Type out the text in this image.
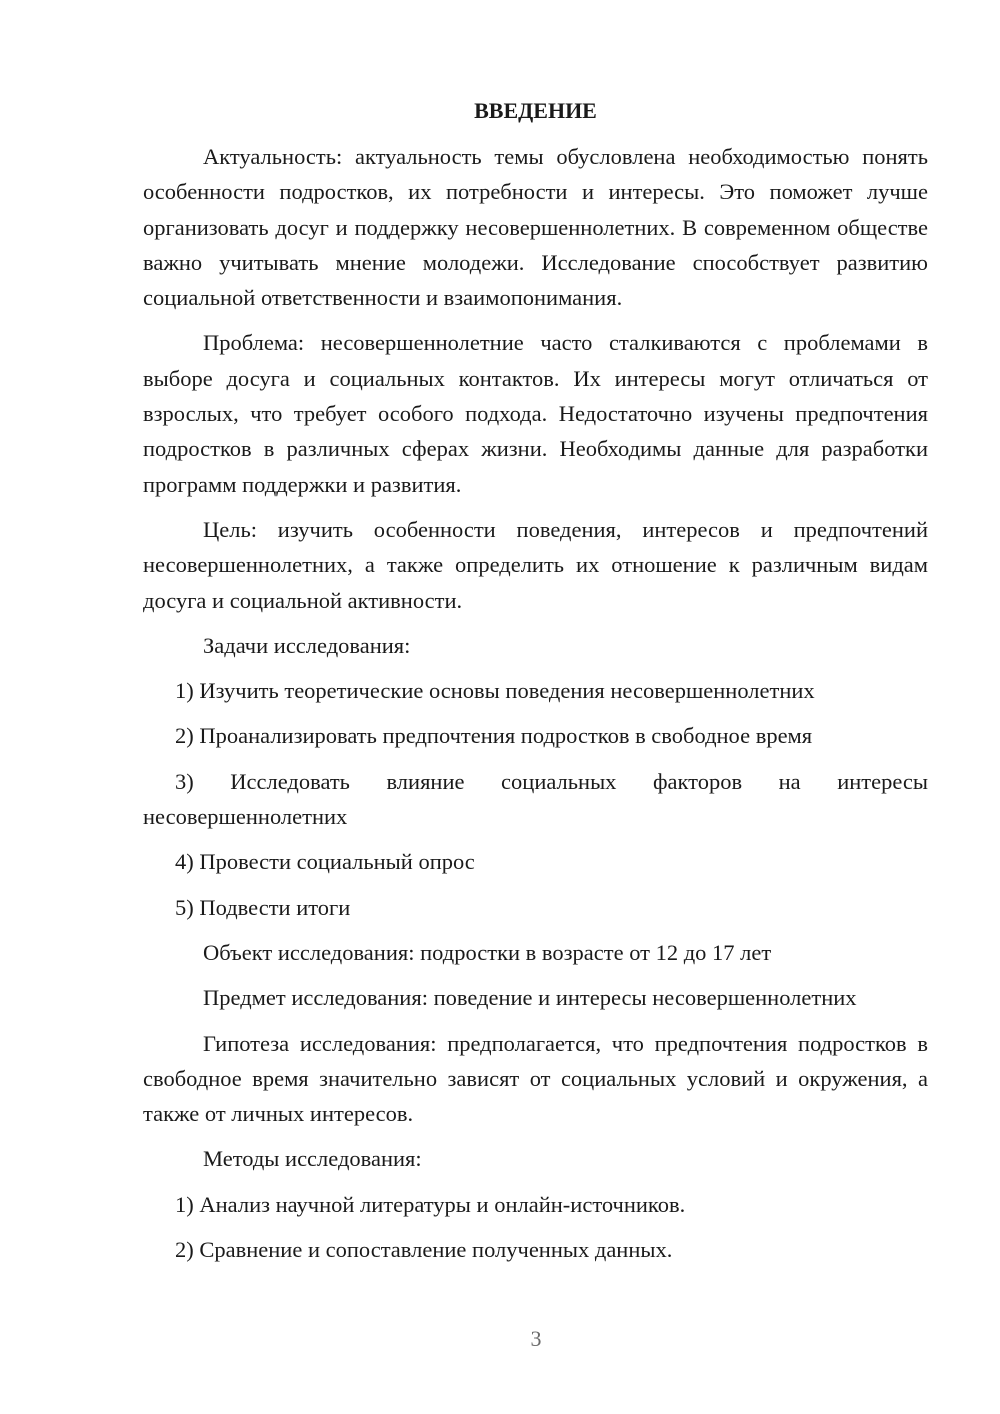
ВВЕДЕНИЕ

Актуальность: актуальность темы обусловлена необходимостью понять особенности подростков, их потребности и интересы. Это поможет лучше организовать досуг и поддержку несовершеннолетних. В современном обществе важно учитывать мнение молодежи. Исследование способствует развитию социальной ответственности и взаимопонимания.

Проблема: несовершеннолетние часто сталкиваются с проблемами в выборе досуга и социальных контактов. Их интересы могут отличаться от взрослых, что требует особого подхода. Недостаточно изучены предпочтения подростков в различных сферах жизни. Необходимы данные для разработки программ поддержки и развития.

Цель: изучить особенности поведения, интересов и предпочтений несовершеннолетних, а также определить их отношение к различным видам досуга и социальной активности.

Задачи исследования:

1) Изучить теоретические основы поведения несовершеннолетних

2) Проанализировать предпочтения подростков в свободное время

3) Исследовать влияние социальных факторов на интересы несовершеннолетних

4) Провести социальный опрос

5) Подвести итоги

Объект исследования: подростки в возрасте от 12 до 17 лет

Предмет исследования: поведение и интересы несовершеннолетних

Гипотеза исследования: предполагается, что предпочтения подростков в свободное время значительно зависят от социальных условий и окружения, а также от личных интересов.

Методы исследования:

1) Анализ научной литературы и онлайн-источников.

2) Сравнение и сопоставление полученных данных.

3
